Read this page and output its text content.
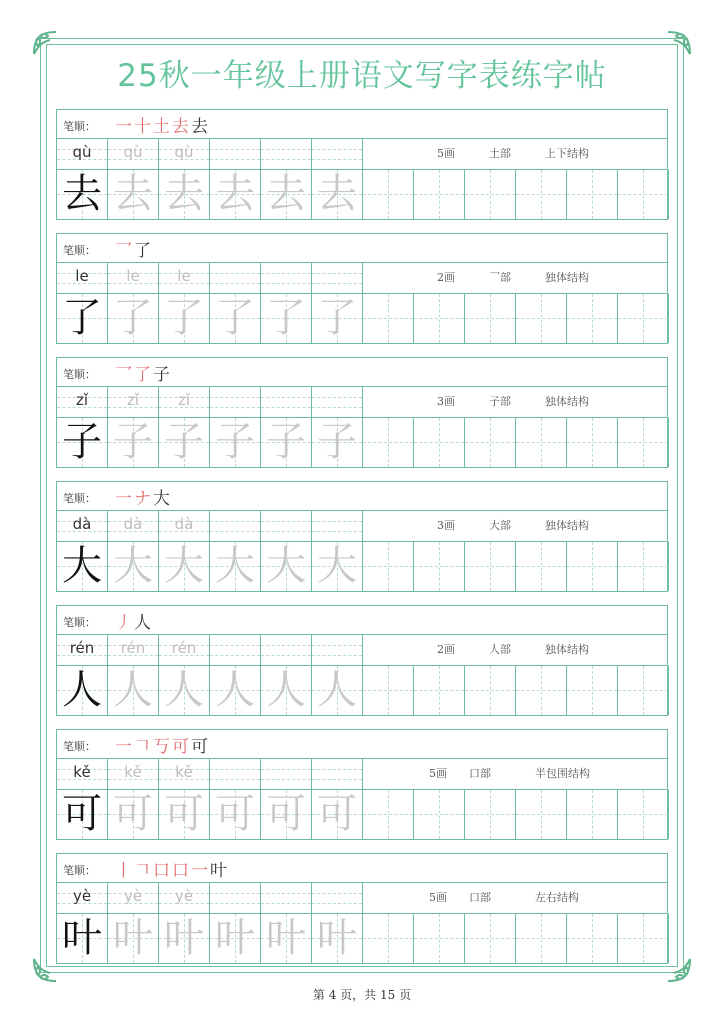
25秋一年级上册语文写字表练字帖
笔顺： 一十土去去
qù	qù	qù	5画	土部	上下结构
去 去 去 去 去 去
笔顺： 乛了
le	le	le	2画	乛部	独体结构
了 了 了 了 了 了
笔顺： 乛了子
zǐ	zǐ	zǐ	3画	子部	独体结构
子 子 子 子 子 子
笔顺： 一ナ大
dà	dà	dà	3画	大部	独体结构
大 大 大 大 大 大
笔顺： 丿人
rén	rén	rén	2画	人部	独体结构
人 人 人 人 人 人
笔顺： 一𠃍丂可可
kě	kě	kě	5画 口部	半包围结构
可 可 可 可 可 可
笔顺： 丨𠃍口口一叶
yè	yè	yè	5画 口部	左右结构
叶 叶 叶 叶 叶 叶
第 4 页，共 15 页
